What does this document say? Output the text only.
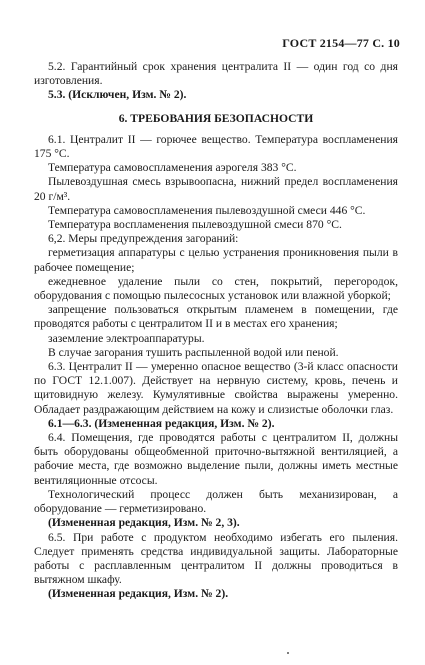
ГОСТ 2154—77 С. 10

5.2. Гарантийный срок хранения централита II — один год со дня изготовления.

5.3. (Исключен, Изм. № 2).

6. ТРЕБОВАНИЯ БЕЗОПАСНОСТИ

6.1. Централит II — горючее вещество. Температура воспламенения 175 °С.

Температура самовоспламенения аэрогеля 383 °С.

Пылевоздушная смесь взрывоопасна, нижний предел воспламенения 20 г/м³.

Температура самовоспламенения пылевоздушной смеси 446 °С.

Температура воспламенения пылевоздушной смеси 870 °С.

6,2. Меры предупреждения загораний:

герметизация аппаратуры с целью устранения проникновения пыли в рабочее помещение;

ежедневное удаление пыли со стен, покрытий, перегородок, оборудования с помощью пылесосных установок или влажной уборкой;

запрещение пользоваться открытым пламенем в помещении, где проводятся работы с централитом II и в местах его хранения;

заземление электроаппаратуры.

В случае загорания тушить распыленной водой или пеной.

6.3. Централит II — умеренно опасное вещество (3-й класс опасности по ГОСТ 12.1.007). Действует на нервную систему, кровь, печень и щитовидную железу. Кумулятивные свойства выражены умеренно. Обладает раздражающим действием на кожу и слизистые оболочки глаз.

6.1—6.3. (Измененная редакция, Изм. № 2).

6.4. Помещения, где проводятся работы с централитом II, должны быть оборудованы общеобменной приточно-вытяжной вентиляцией, а рабочие места, где возможно выделение пыли, должны иметь местные вентиляционные отсосы.

Технологический процесс должен быть механизирован, а оборудование — герметизировано.

(Измененная редакция, Изм. № 2, 3).

6.5. При работе с продуктом необходимо избегать его пыления. Следует применять средства индивидуальной защиты. Лабораторные работы с расплавленным централитом II должны проводиться в вытяжном шкафу.

(Измененная редакция, Изм. № 2).
